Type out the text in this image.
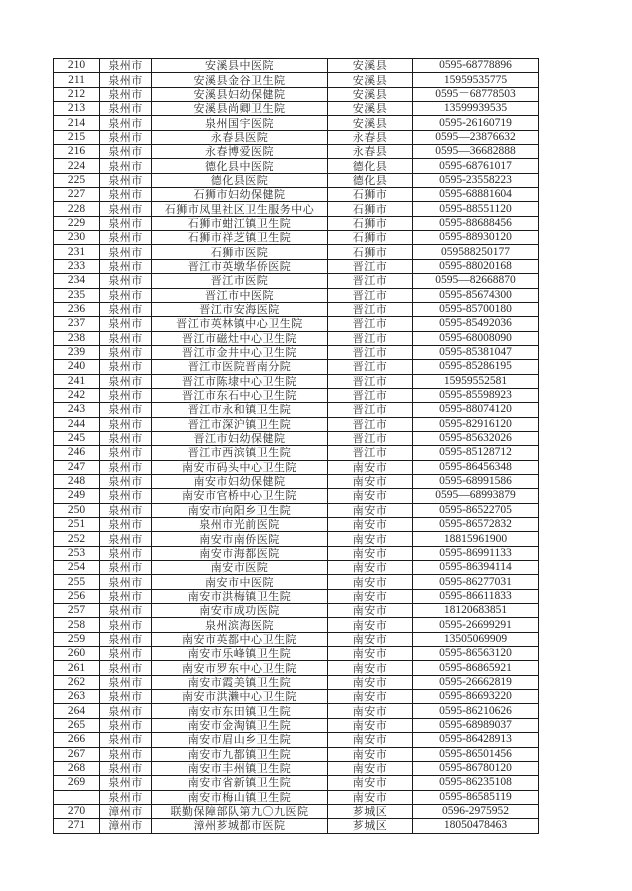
210	泉州市	安溪县中医院	安溪县	0595-68778896
211	泉州市	安溪县金谷卫生院	安溪县	15959535775
212	泉州市	安溪县妇幼保健院	安溪县	0595－68778503
213	泉州市	安溪县尚卿卫生院	安溪县	13599939535
214	泉州市	泉州国宇医院	安溪县	0595-26160719
215	泉州市	永春县医院	永春县	0595—23876632
216	泉州市	永春博爱医院	永春县	0595—36682888
224	泉州市	德化县中医院	德化县	0595-68761017
225	泉州市	德化县医院	德化县	0595-23558223
227	泉州市	石狮市妇幼保健院	石狮市	0595-68881604
228	泉州市	石狮市凤里社区卫生服务中心	石狮市	0595-88551120
229	泉州市	石狮市蚶江镇卫生院	石狮市	0595-88688456
230	泉州市	石狮市祥芝镇卫生院	石狮市	0595-88930120
231	泉州市	石狮市医院	石狮市	059588250177
233	泉州市	晋江市英墩华侨医院	晋江市	0595-88020168
234	泉州市	晋江市医院	晋江市	0595—82668870
235	泉州市	晋江市中医院	晋江市	0595-85674300
236	泉州市	晋江市安海医院	晋江市	0595-85700180
237	泉州市	晋江市英林镇中心卫生院	晋江市	0595-85492036
238	泉州市	晋江市磁灶中心卫生院	晋江市	0595-68008090
239	泉州市	晋江市金井中心卫生院	晋江市	0595-85381047
240	泉州市	晋江市医院晋南分院	晋江市	0595-85286195
241	泉州市	晋江市陈埭中心卫生院	晋江市	15959552581
242	泉州市	晋江市东石中心卫生院	晋江市	0595-85598923
243	泉州市	晋江市永和镇卫生院	晋江市	0595-88074120
244	泉州市	晋江市深沪镇卫生院	晋江市	0595-82916120
245	泉州市	晋江市妇幼保健院	晋江市	0595-85632026
246	泉州市	晋江市西滨镇卫生院	晋江市	0595-85128712
247	泉州市	南安市码头中心卫生院	南安市	0595-86456348
248	泉州市	南安市妇幼保健院	南安市	0595-68991586
249	泉州市	南安市官桥中心卫生院	南安市	0595—68993879
250	泉州市	南安市向阳乡卫生院	南安市	0595-86522705
251	泉州市	泉州市光前医院	南安市	0595-86572832
252	泉州市	南安市南侨医院	南安市	18815961900
253	泉州市	南安市海都医院	南安市	0595-86991133
254	泉州市	南安市医院	南安市	0595-86394114
255	泉州市	南安市中医院	南安市	0595-86277031
256	泉州市	南安市洪梅镇卫生院	南安市	0595-86611833
257	泉州市	南安市成功医院	南安市	18120683851
258	泉州市	泉州滨海医院	南安市	0595-26699291
259	泉州市	南安市英都中心卫生院	南安市	13505069909
260	泉州市	南安市乐峰镇卫生院	南安市	0595-86563120
261	泉州市	南安市罗东中心卫生院	南安市	0595-86865921
262	泉州市	南安市霞美镇卫生院	南安市	0595-26662819
263	泉州市	南安市洪濑中心卫生院	南安市	0595-86693220
264	泉州市	南安市东田镇卫生院	南安市	0595-86210626
265	泉州市	南安市金淘镇卫生院	南安市	0595-68989037
266	泉州市	南安市眉山乡卫生院	南安市	0595-86428913
267	泉州市	南安市九都镇卫生院	南安市	0595-86501456
268	泉州市	南安市丰州镇卫生院	南安市	0595-86780120
269	泉州市	南安市省新镇卫生院	南安市	0595-86235108
	泉州市	南安市梅山镇卫生院	南安市	0595-86585119
270	漳州市	联勤保障部队第九〇九医院	芗城区	0596-2975952
271	漳州市	漳州芗城都市医院	芗城区	18050478463
